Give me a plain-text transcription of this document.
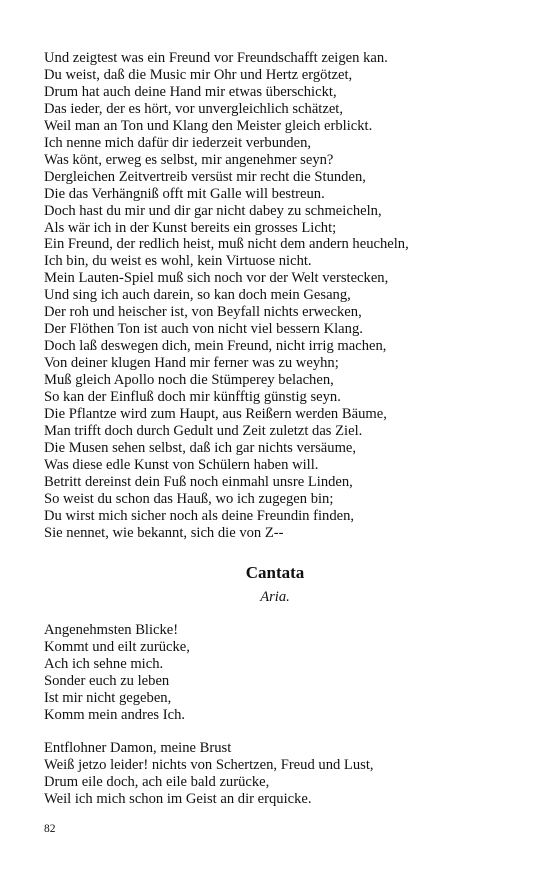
Und zeigtest was ein Freund vor Freundschafft zeigen kan.
Du weist, daß die Music mir Ohr und Hertz ergötzet,
Drum hat auch deine Hand mir etwas überschickt,
Das ieder, der es hört, vor unvergleichlich schätzet,
Weil man an Ton und Klang den Meister gleich erblickt.
Ich nenne mich dafür dir iederzeit verbunden,
Was könt, erweg es selbst, mir angenehmer seyn?
Dergleichen Zeitvertreib versüst mir recht die Stunden,
Die das Verhängniß offt mit Galle will bestreun.
Doch hast du mir und dir gar nicht dabey zu schmeicheln,
Als wär ich in der Kunst bereits ein grosses Licht;
Ein Freund, der redlich heist, muß nicht dem andern heucheln,
Ich bin, du weist es wohl, kein Virtuose nicht.
Mein Lauten-Spiel muß sich noch vor der Welt verstecken,
Und sing ich auch darein, so kan doch mein Gesang,
Der roh und heischer ist, von Beyfall nichts erwecken,
Der Flöthen Ton ist auch von nicht viel bessern Klang.
Doch laß deswegen dich, mein Freund, nicht irrig machen,
Von deiner klugen Hand mir ferner was zu weyhn;
Muß gleich Apollo noch die Stümperey belachen,
So kan der Einfluß doch mir künfftig günstig seyn.
Die Pflantze wird zum Haupt, aus Reißern werden Bäume,
Man trifft doch durch Gedult und Zeit zuletzt das Ziel.
Die Musen sehen selbst, daß ich gar nichts versäume,
Was diese edle Kunst von Schülern haben will.
Betritt dereinst dein Fuß noch einmahl unsre Linden,
So weist du schon das Hauß, wo ich zugegen bin;
Du wirst mich sicher noch als deine Freundin finden,
Sie nennet, wie bekannt, sich die von Z--
Cantata
Aria.
Angenehmsten Blicke!
Kommt und eilt zurücke,
Ach ich sehne mich.
Sonder euch zu leben
Ist mir nicht gegeben,
Komm mein andres Ich.
Entflohner Damon, meine Brust
Weiß jetzo leider! nichts von Schertzen, Freud und Lust,
Drum eile doch, ach eile bald zurücke,
Weil ich mich schon im Geist an dir erquicke.
82
